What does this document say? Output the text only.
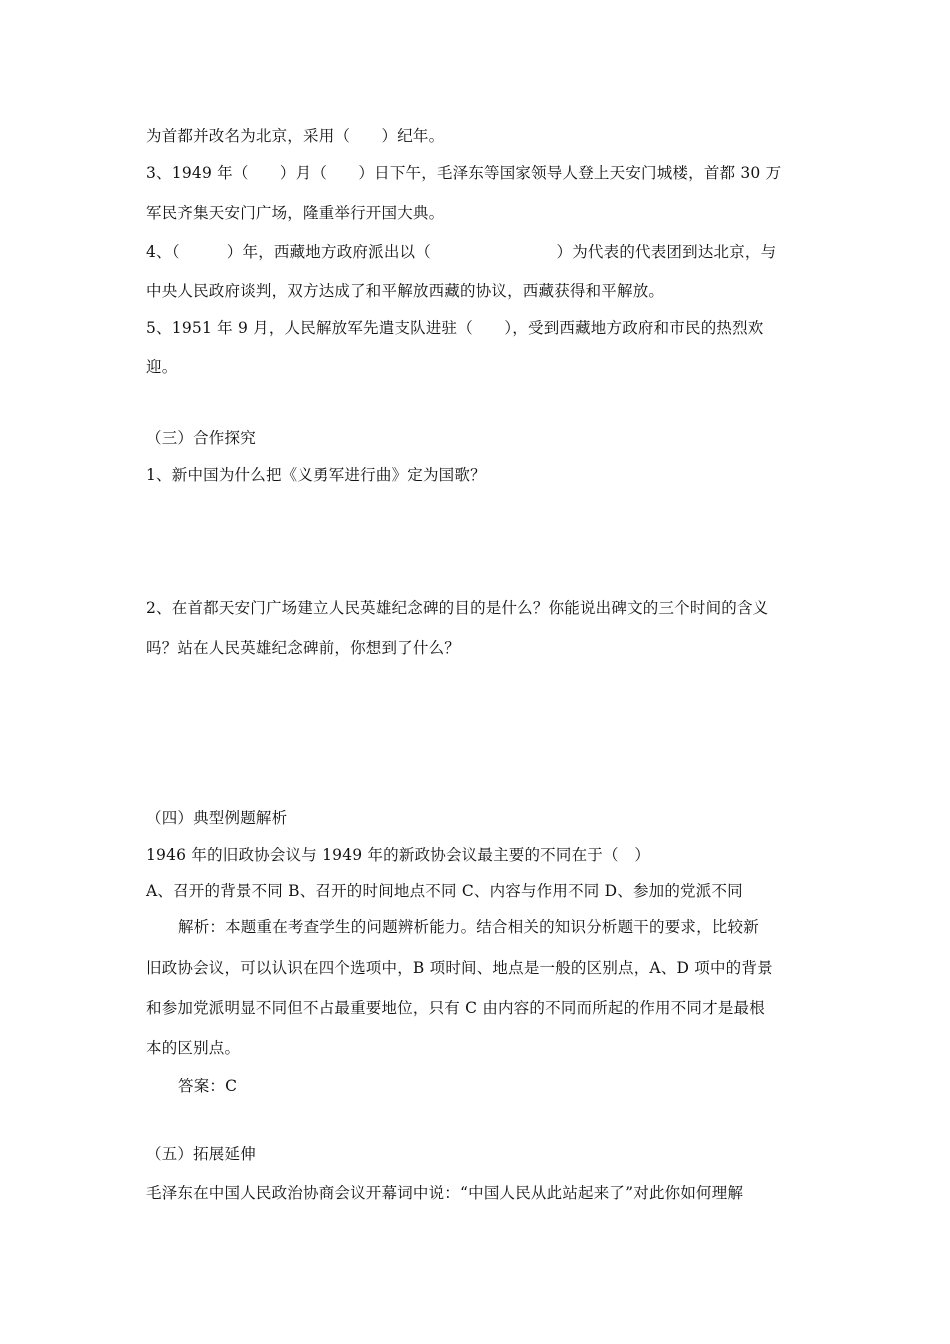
为首都并改名为北京，采用（　　）纪年。
3、1949 年（　　）月（　　）日下午，毛泽东等国家领导人登上天安门城楼，首都 30 万
军民齐集天安门广场，隆重举行开国大典。
4、（　　　）年，西藏地方政府派出以（　　　　　　　　）为代表的代表团到达北京，与
中央人民政府谈判，双方达成了和平解放西藏的协议，西藏获得和平解放。
5、1951 年 9 月，人民解放军先遣支队进驻（　　），受到西藏地方政府和市民的热烈欢
迎。
（三）合作探究
1、新中国为什么把《义勇军进行曲》定为国歌？
2、在首都天安门广场建立人民英雄纪念碑的目的是什么？你能说出碑文的三个时间的含义
吗？站在人民英雄纪念碑前，你想到了什么？
（四）典型例题解析
1946 年的旧政协会议与 1949 年的新政协会议最主要的不同在于（　）
A、召开的背景不同 B、召开的时间地点不同 C、内容与作用不同 D、参加的党派不同
解析：本题重在考查学生的问题辨析能力。结合相关的知识分析题干的要求，比较新
旧政协会议，可以认识在四个选项中，B 项时间、地点是一般的区别点，A、D 项中的背景
和参加党派明显不同但不占最重要地位，只有 C 由内容的不同而所起的作用不同才是最根
本的区别点。
答案：C
（五）拓展延伸
毛泽东在中国人民政治协商会议开幕词中说：“中国人民从此站起来了”对此你如何理解
